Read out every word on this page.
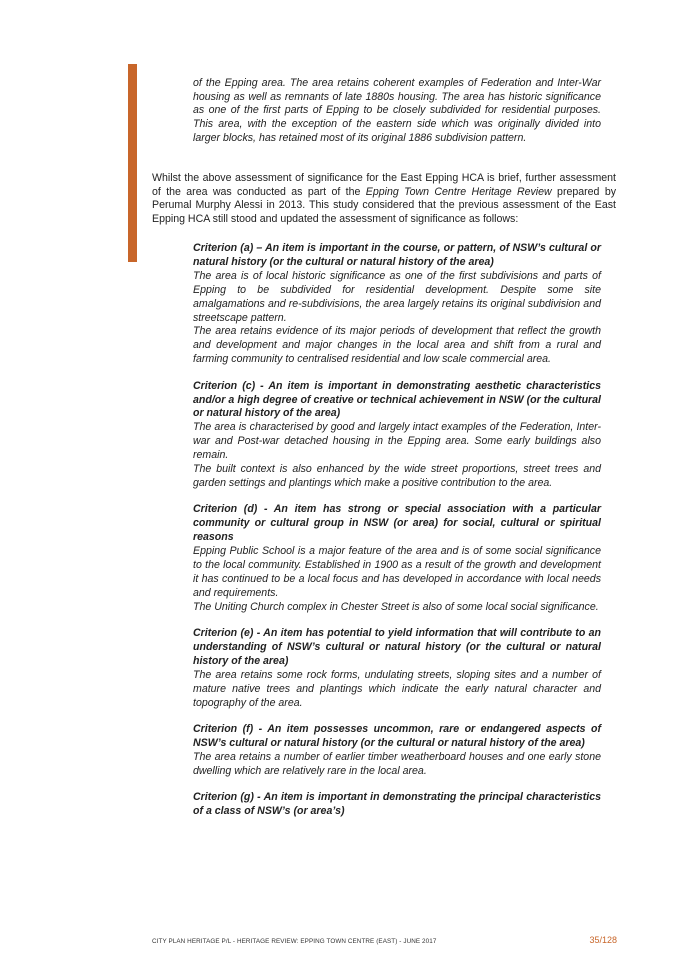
of the Epping area. The area retains coherent examples of Federation and Inter-War housing as well as remnants of late 1880s housing. The area has historic significance as one of the first parts of Epping to be closely subdivided for residential purposes. This area, with the exception of the eastern side which was originally divided into larger blocks, has retained most of its original 1886 subdivision pattern.

Whilst the above assessment of significance for the East Epping HCA is brief, further assessment of the area was conducted as part of the Epping Town Centre Heritage Review prepared by Perumal Murphy Alessi in 2013. This study considered that the previous assessment of the East Epping HCA still stood and updated the assessment of significance as follows:

Criterion (a) – An item is important in the course, or pattern, of NSW’s cultural or natural history (or the cultural or natural history of the area)

The area is of local historic significance as one of the first subdivisions and parts of Epping to be subdivided for residential development. Despite some site amalgamations and re-subdivisions, the area largely retains its original subdivision and streetscape pattern.

The area retains evidence of its major periods of development that reflect the growth and development and major changes in the local area and shift from a rural and farming community to centralised residential and low scale commercial area.

Criterion (c) - An item is important in demonstrating aesthetic characteristics and/or a high degree of creative or technical achievement in NSW (or the cultural or natural history of the area)

The area is characterised by good and largely intact examples of the Federation, Inter-war and Post-war detached housing in the Epping area. Some early buildings also remain.

The built context is also enhanced by the wide street proportions, street trees and garden settings and plantings which make a positive contribution to the area.

Criterion (d) - An item has strong or special association with a particular community or cultural group in NSW (or area) for social, cultural or spiritual reasons

Epping Public School is a major feature of the area and is of some social significance to the local community. Established in 1900 as a result of the growth and development it has continued to be a local focus and has developed in accordance with local needs and requirements.

The Uniting Church complex in Chester Street is also of some local social significance.

Criterion (e) - An item has potential to yield information that will contribute to an understanding of NSW’s cultural or natural history (or the cultural or natural history of the area)

The area retains some rock forms, undulating streets, sloping sites and a number of mature native trees and plantings which indicate the early natural character and topography of the area.

Criterion (f) - An item possesses uncommon, rare or endangered aspects of NSW’s cultural or natural history (or the cultural or natural history of the area)

The area retains a number of earlier timber weatherboard houses and one early stone dwelling which are relatively rare in the local area.

Criterion (g) - An item is important in demonstrating the principal characteristics of a class of NSW’s (or area’s)

CITY PLAN HERITAGE P/L - HERITAGE REVIEW: EPPING TOWN CENTRE (EAST) - JUNE 2017	35/128
